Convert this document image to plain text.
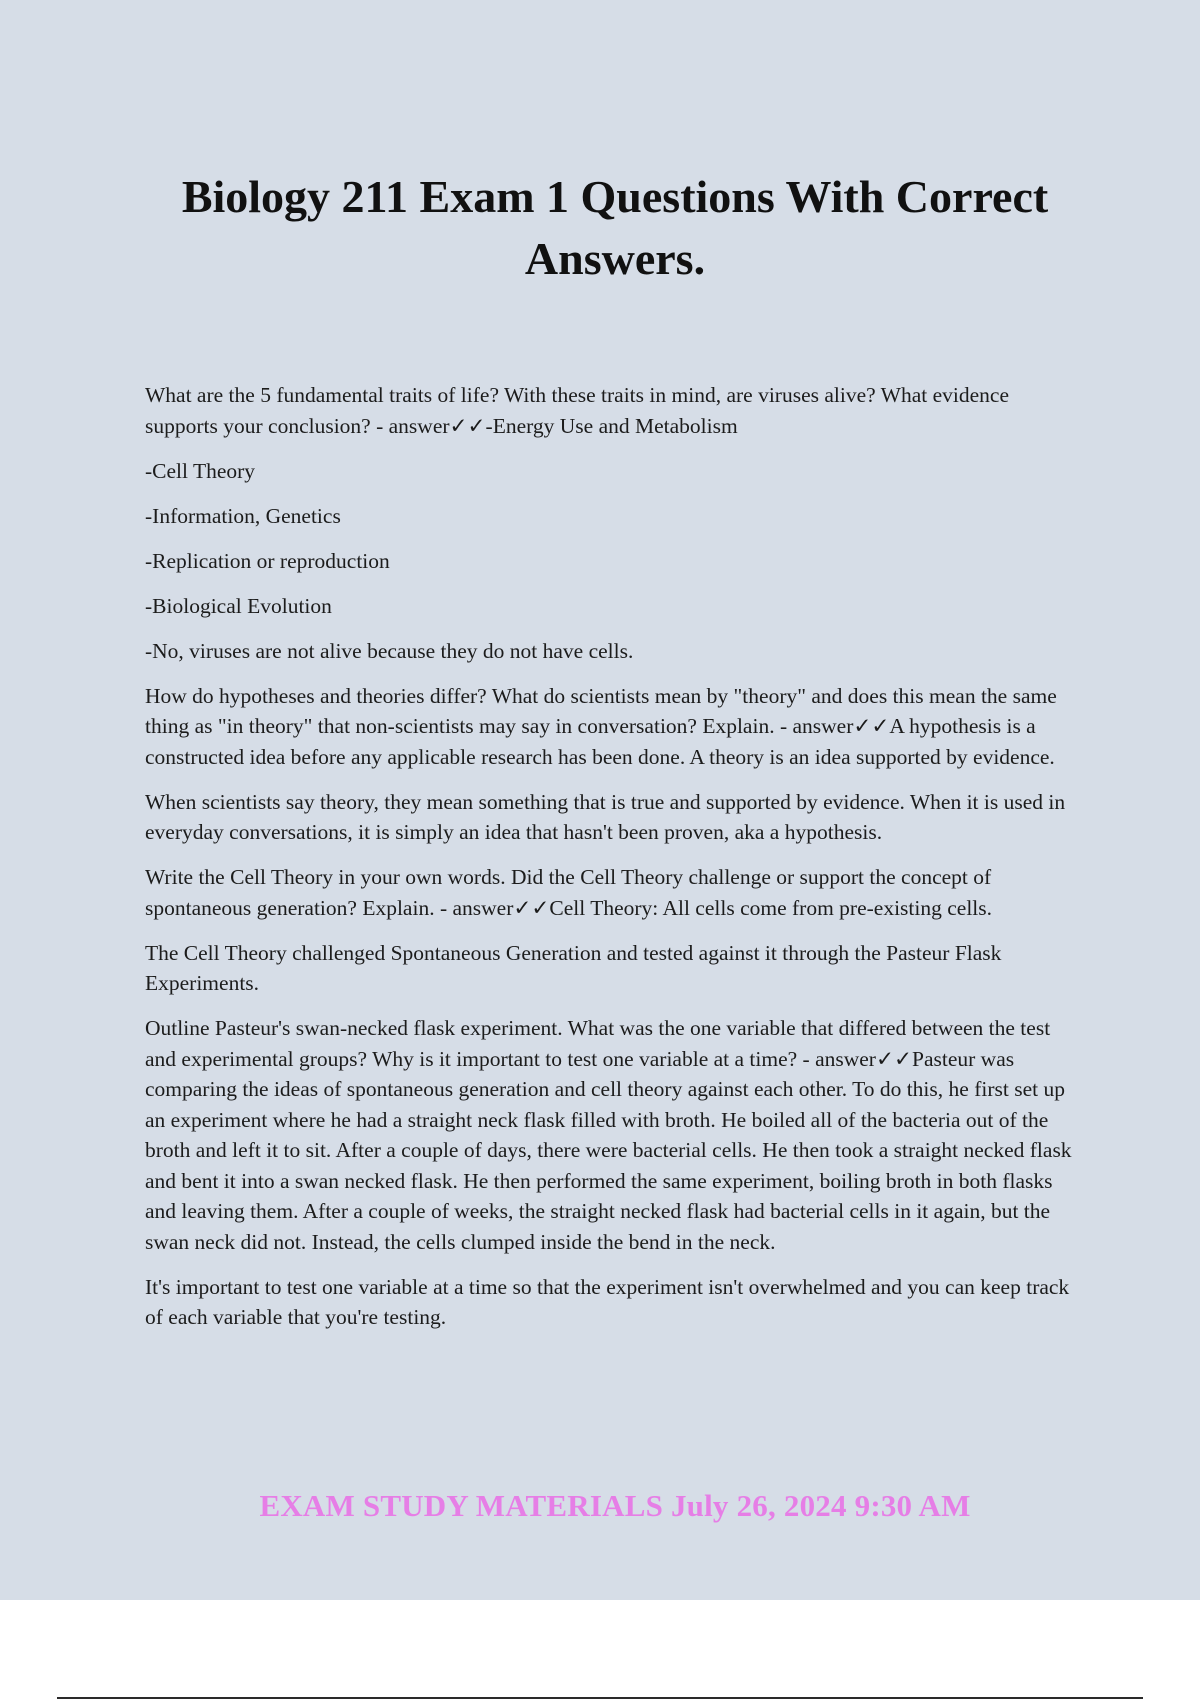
Biology 211 Exam 1 Questions With Correct Answers.

What are the 5 fundamental traits of life? With these traits in mind, are viruses alive? What evidence supports your conclusion? - answer✓✓-Energy Use and Metabolism

-Cell Theory

-Information, Genetics

-Replication or reproduction

-Biological Evolution

-No, viruses are not alive because they do not have cells.

How do hypotheses and theories differ? What do scientists mean by "theory" and does this mean the same thing as "in theory" that non-scientists may say in conversation? Explain. - answer✓✓A hypothesis is a constructed idea before any applicable research has been done. A theory is an idea supported by evidence.

When scientists say theory, they mean something that is true and supported by evidence. When it is used in everyday conversations, it is simply an idea that hasn't been proven, aka a hypothesis.

Write the Cell Theory in your own words. Did the Cell Theory challenge or support the concept of spontaneous generation? Explain. - answer✓✓Cell Theory: All cells come from pre-existing cells.

The Cell Theory challenged Spontaneous Generation and tested against it through the Pasteur Flask Experiments.

Outline Pasteur's swan-necked flask experiment. What was the one variable that differed between the test and experimental groups? Why is it important to test one variable at a time? - answer✓✓Pasteur was comparing the ideas of spontaneous generation and cell theory against each other. To do this, he first set up an experiment where he had a straight neck flask filled with broth. He boiled all of the bacteria out of the broth and left it to sit. After a couple of days, there were bacterial cells. He then took a straight necked flask and bent it into a swan necked flask. He then performed the same experiment, boiling broth in both flasks and leaving them. After a couple of weeks, the straight necked flask had bacterial cells in it again, but the swan neck did not. Instead, the cells clumped inside the bend in the neck.

It's important to test one variable at a time so that the experiment isn't overwhelmed and you can keep track of each variable that you're testing.

EXAM STUDY MATERIALS July 26, 2024 9:30 AM
